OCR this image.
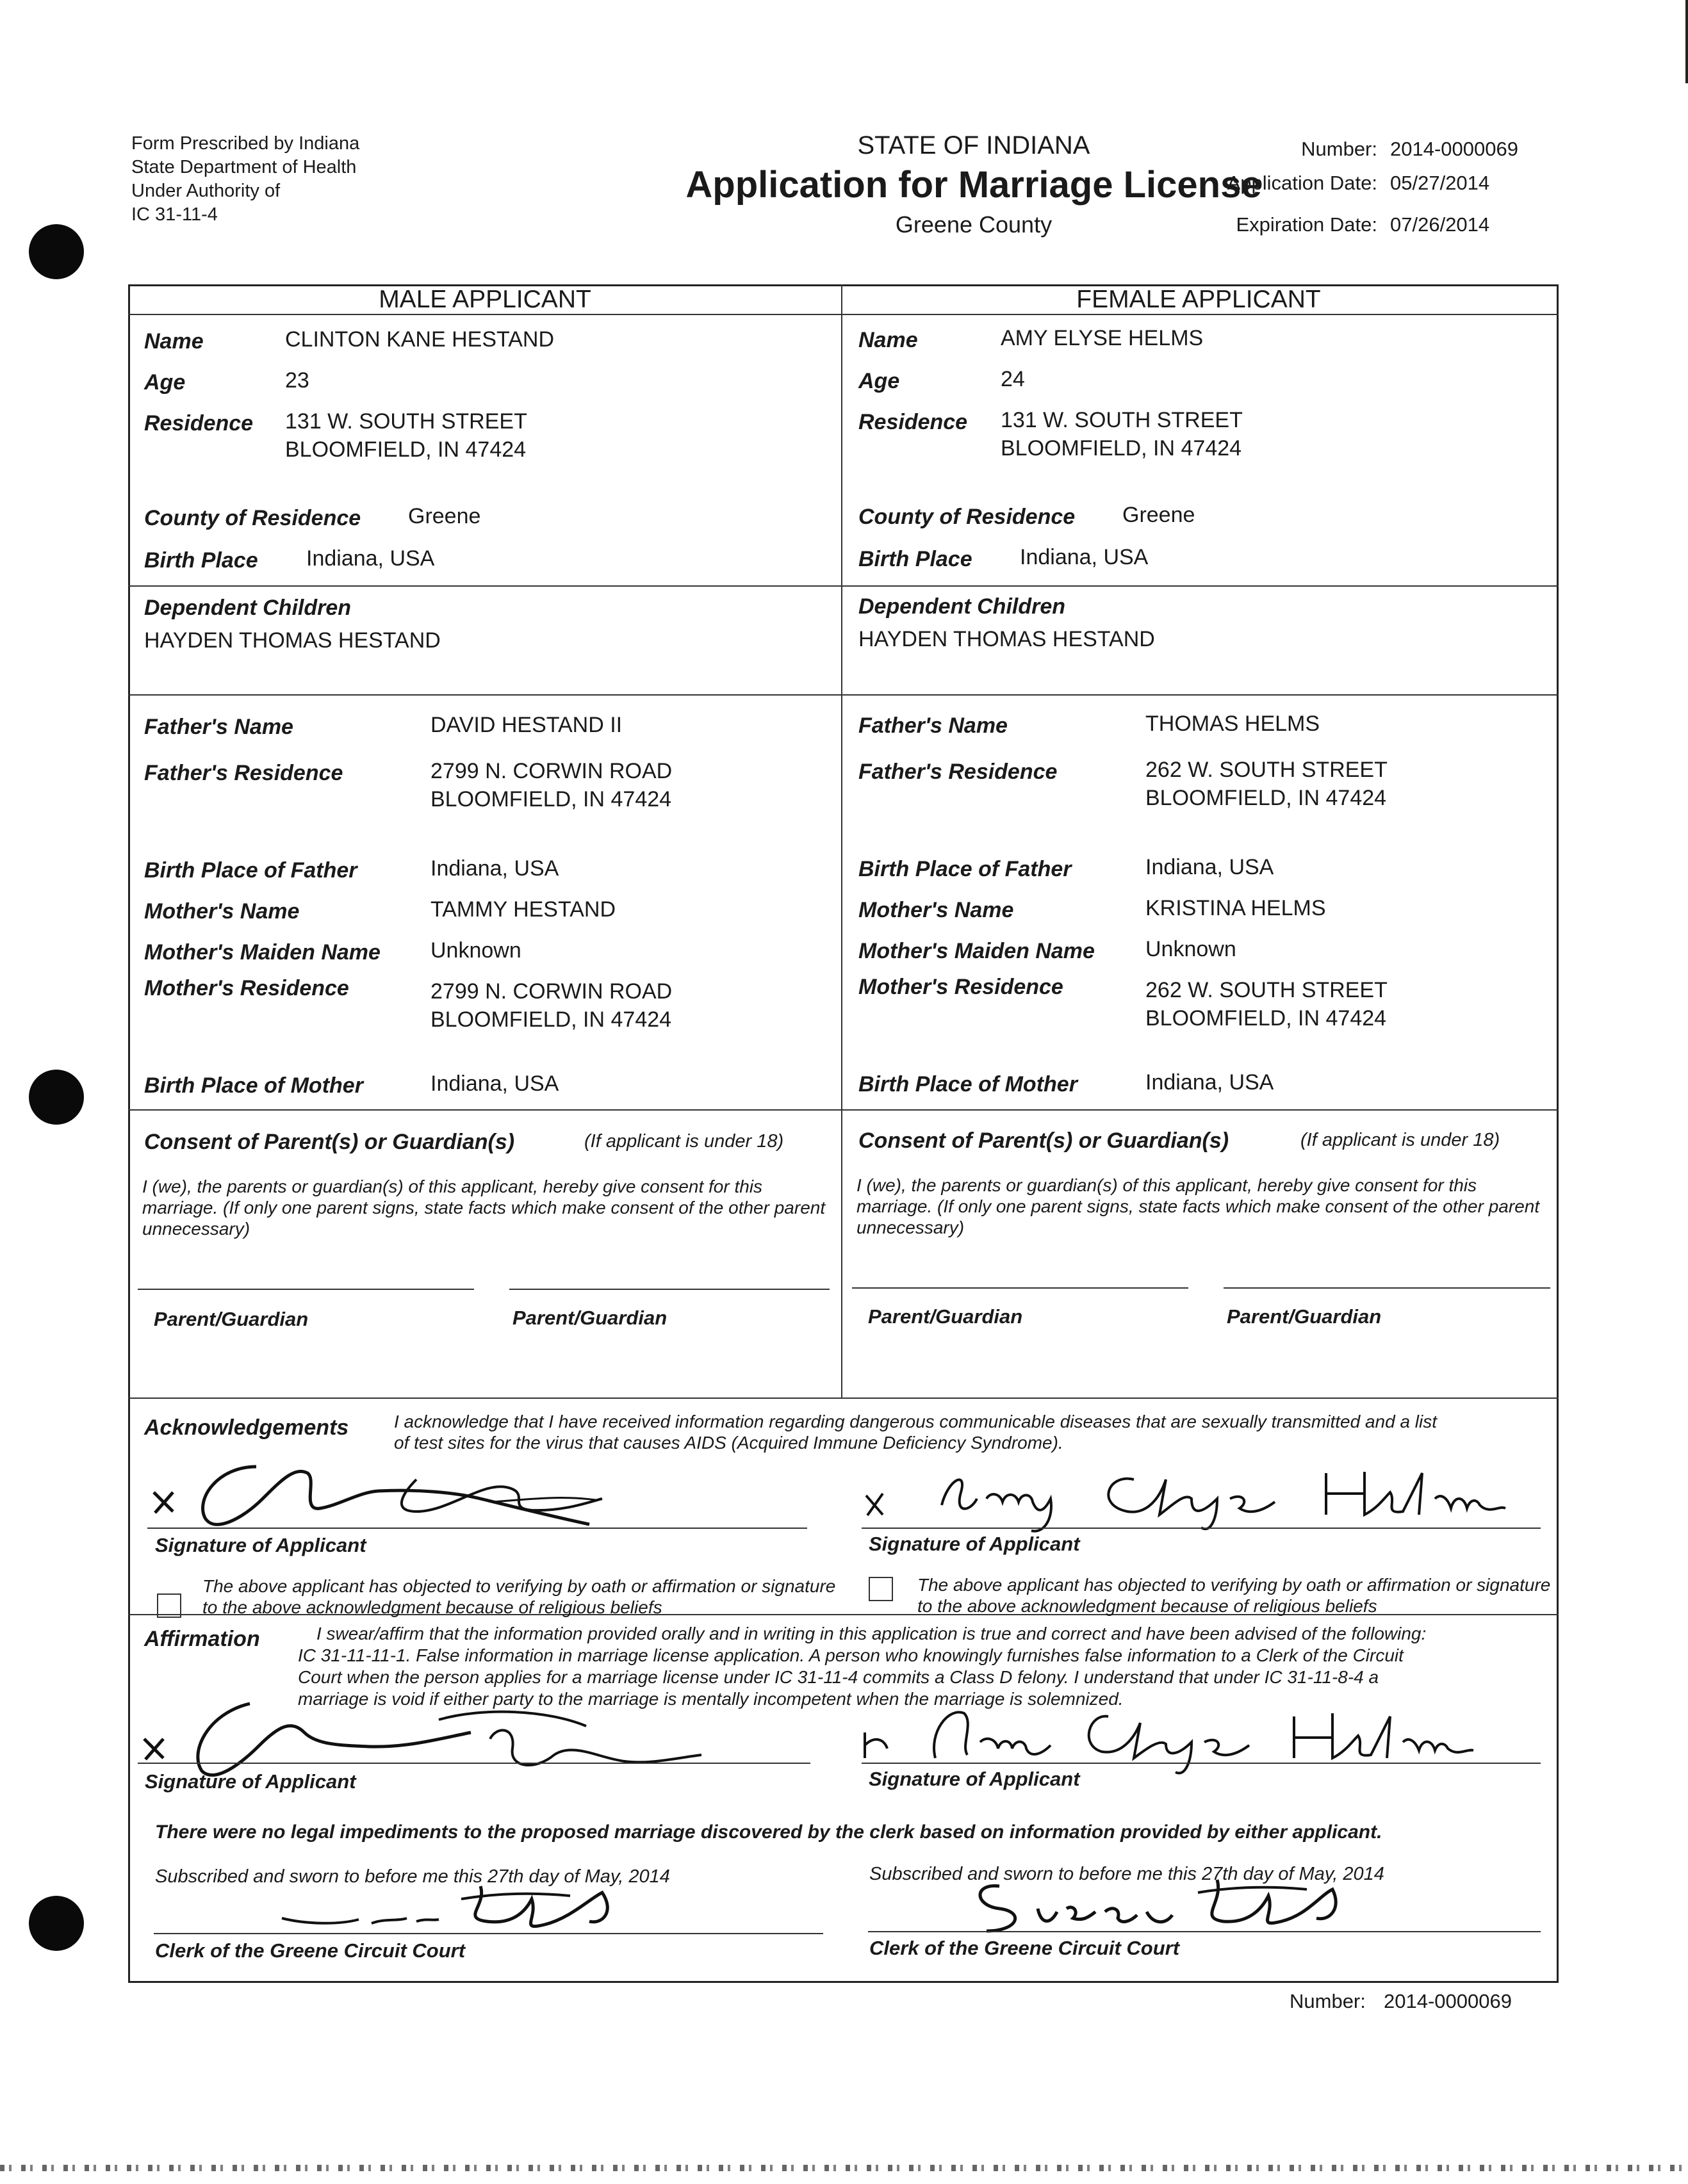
Form Prescribed by Indiana
State Department of Health
Under Authority of
IC 31-11-4
STATE OF INDIANA
Application for Marriage License
Greene County
Number: 2014-0000069
Application Date: 05/27/2014
Expiration Date: 07/26/2014
MALE APPLICANT	FEMALE APPLICANT
Name	CLINTON KANE HESTAND
Age	23
Residence 131 W. SOUTH STREET
BLOOMFIELD, IN 47424
County of Residence Greene
Birth Place Indiana, USA
Dependent Children
HAYDEN THOMAS HESTAND
Father's Name	DAVID HESTAND II
Father's Residence	2799 N. CORWIN ROAD
BLOOMFIELD, IN 47424
Birth Place of Father	Indiana, USA
Mother's Name	TAMMY HESTAND
Mother's Maiden Name Unknown
Mother's Residence	2799 N. CORWIN ROAD
BLOOMFIELD, IN 47424
Birth Place of Mother	Indiana, USA
Consent of Parent(s) or Guardian(s)	(If applicant is under 18)
I (we), the parents or guardian(s) of this applicant, hereby give consent for this marriage. (If only one parent signs, state facts which make consent of the other parent unnecessary)
Parent/Guardian	Parent/Guardian
Name	AMY ELYSE HELMS
Age	24
Residence 131 W. SOUTH STREET
BLOOMFIELD, IN 47424
County of Residence Greene
Birth Place Indiana, USA
Dependent Children
HAYDEN THOMAS HESTAND
Father's Name	THOMAS HELMS
Father's Residence	262 W. SOUTH STREET
BLOOMFIELD, IN 47424
Birth Place of Father	Indiana, USA
Mother's Name	KRISTINA HELMS
Mother's Maiden Name Unknown
Mother's Residence	262 W. SOUTH STREET
BLOOMFIELD, IN 47424
Birth Place of Mother	Indiana, USA
Consent of Parent(s) or Guardian(s)	(If applicant is under 18)
I (we), the parents or guardian(s) of this applicant, hereby give consent for this marriage. (If only one parent signs, state facts which make consent of the other parent unnecessary)
Parent/Guardian	Parent/Guardian
Acknowledgements	I acknowledge that I have received information regarding dangerous communicable diseases that are sexually transmitted and a list
of test sites for the virus that causes AIDS (Acquired Immune Deficiency Syndrome).
Signature of Applicant
The above applicant has objected to verifying by oath or affirmation or signature to the above acknowledgment because of religious beliefs
Signature of Applicant
The above applicant has objected to verifying by oath or affirmation or signature to the above acknowledgment because of religious beliefs
Affirmation	I swear/affirm that the information provided orally and in writing in this application is true and correct and have been advised of the following:
IC 31-11-11-1. False information in marriage license application. A person who knowingly furnishes false information to a Clerk of the Circuit
Court when the person applies for a marriage license under IC 31-11-4 commits a Class D felony. I understand that under IC 31-11-8-4 a
marriage is void if either party to the marriage is mentally incompetent when the marriage is solemnized.
Signature of Applicant	Signature of Applicant
There were no legal impediments to the proposed marriage discovered by the clerk based on information provided by either applicant.
Subscribed and sworn to before me this 27th day of May, 2014
Clerk of the Greene Circuit Court
Subscribed and sworn to before me this 27th day of May, 2014
Clerk of the Greene Circuit Court
Number: 2014-0000069
